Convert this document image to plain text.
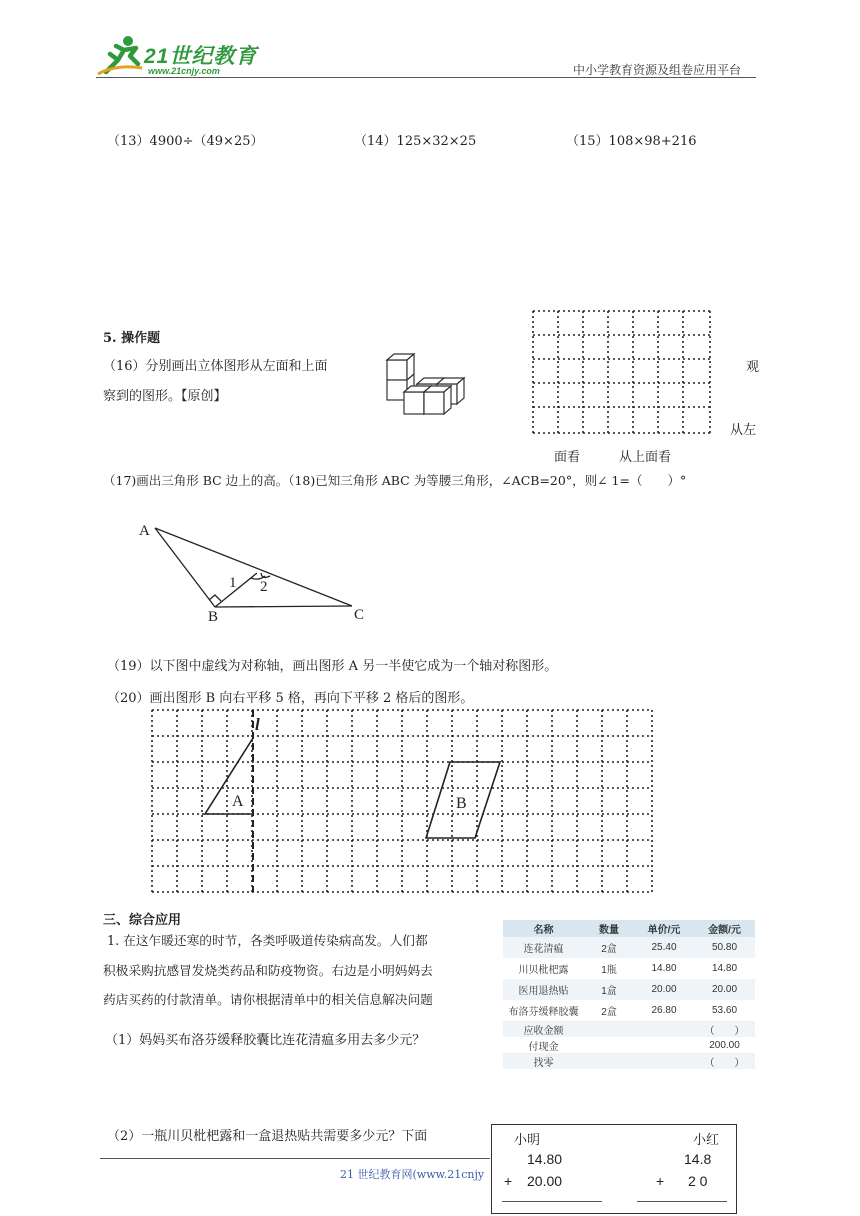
21世纪教育
www.21cnjy.com	中小学教育资源及组卷应用平台
（13）4900÷（49×25）	（14）125×32×25	（15）108×98+216
5. 操作题
（16）分别画出立体图形从左面和上面
察到的图形。【原创】
观
从左
面看	从上面看
（17)画出三角形 BC 边上的高。（18)已知三角形 ABC 为等腰三角形，∠ACB=20°，则∠ 1=（　　）°
A
B	C
1 2
（19）以下图中虚线为对称轴，画出图形 A 另一半使它成为一个轴对称图形。
（20）画出图形 B 向右平移 5 格，再向下平移 2 格后的图形。
l
A	B
三、综合应用
1. 在这乍暖还寒的时节，各类呼吸道传染病高发。人们都
积极采购抗感冒发烧类药品和防疫物资。右边是小明妈妈去
药店买药的付款清单。请你根据清单中的相关信息解决问题
（1）妈妈买布洛芬缓释胶囊比连花清瘟多用去多少元？
（2）一瓶川贝枇杷露和一盒退热贴共需要多少元？下面
名称	数量	单价/元	金额/元
连花清瘟	2盒	25.40	50.80
川贝枇杷露	1瓶	14.80	14.80
医用退热贴	1盒	20.00	20.00
布洛芬缓释胶囊	2盒	26.80	53.60
应收金额			（　　）
付现金			200.00
找零			（　　）
小明	小红
14.80
+ 20.00
14.8
+ 2 0
21 世纪教育网(www.21cnjy
